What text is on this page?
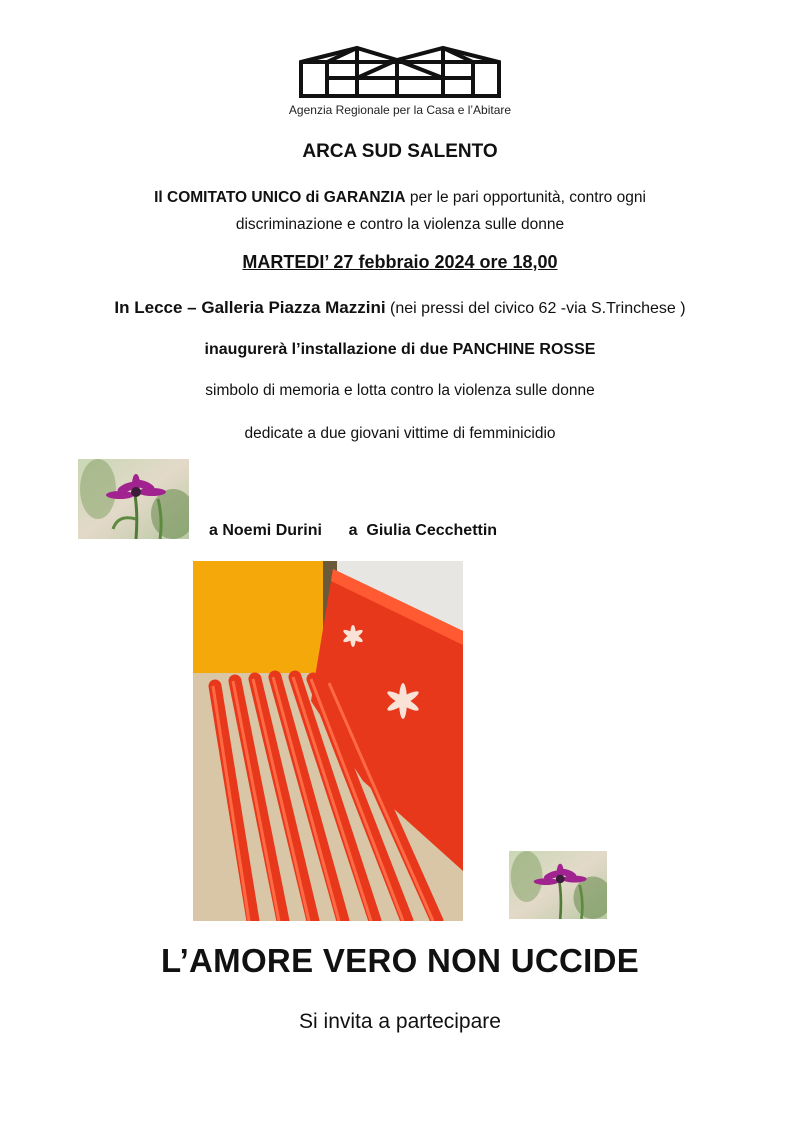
Agenzia Regionale per la Casa e l’Abitare
ARCA SUD SALENTO
Il COMITATO UNICO di GARANZIA per le pari opportunità, contro ogni
discriminazione e contro la violenza sulle donne
MARTEDI’ 27 febbraio 2024 ore 18,00
In Lecce – Galleria Piazza Mazzini (nei pressi del civico 62 -via S.Trinchese )
inaugurerà l’installazione di due PANCHINE ROSSE
simbolo di memoria e lotta contro la violenza sulle donne
dedicate a due giovani vittime di femminicidio
a Noemi Durini      a  Giulia Cecchettin
L’AMORE VERO NON UCCIDE
Si invita a partecipare
